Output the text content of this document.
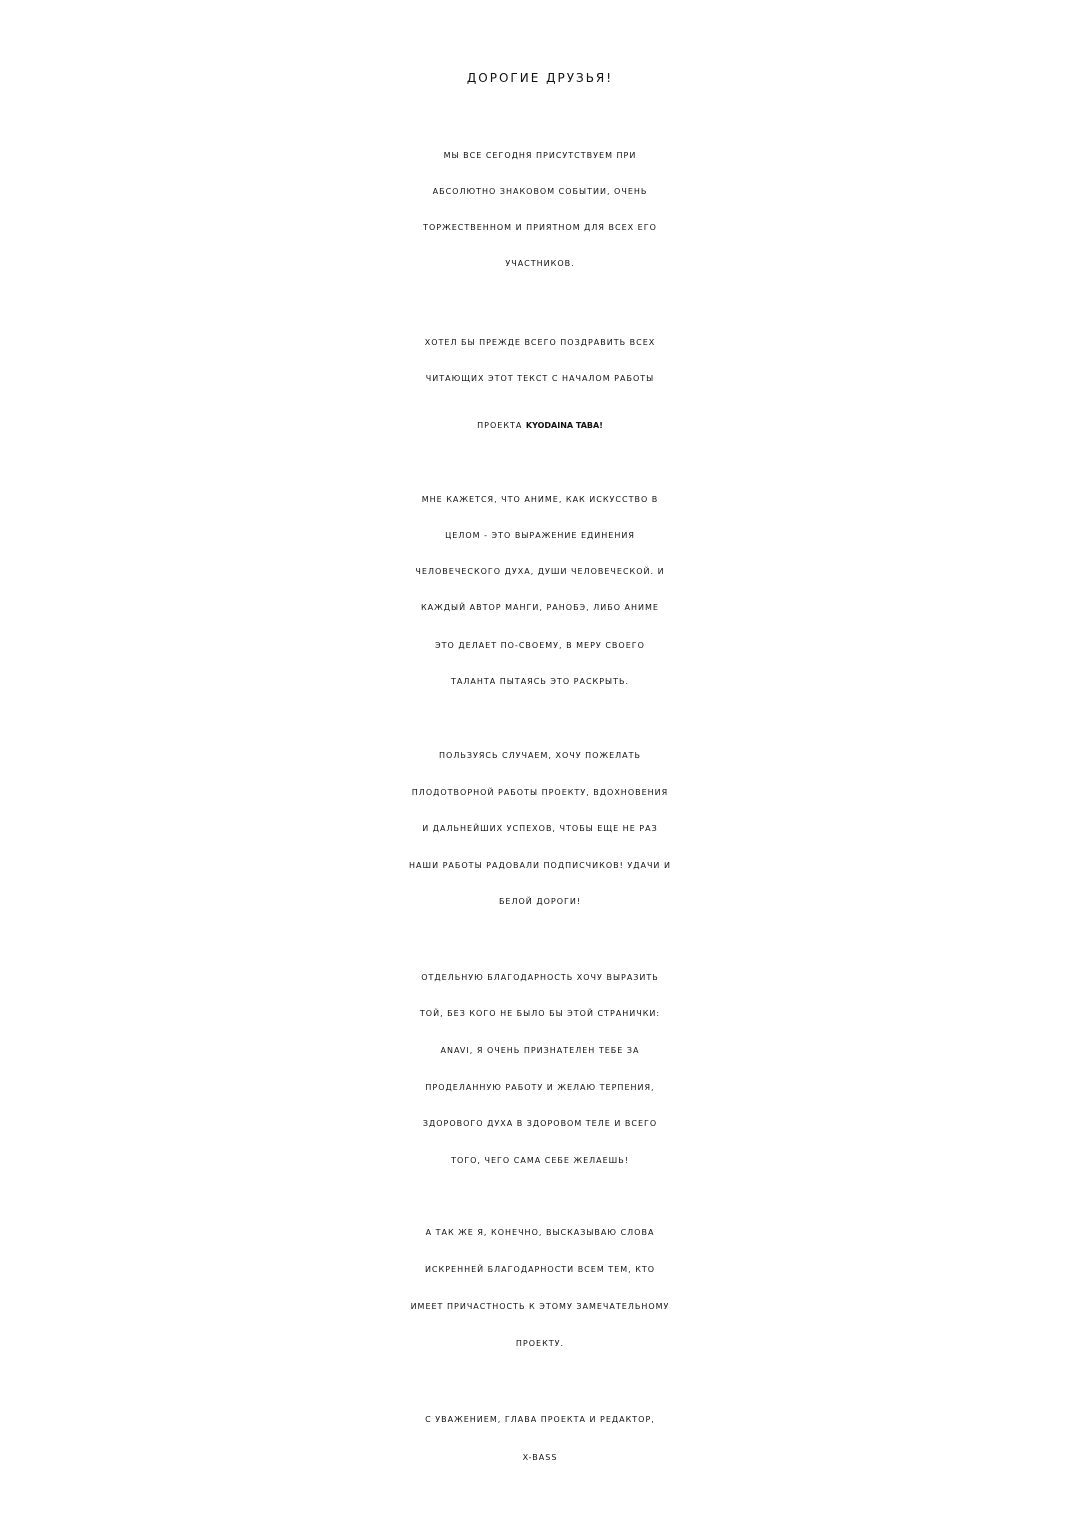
ДОРОГИЕ ДРУЗЬЯ!
МЫ ВСЕ СЕГОДНЯ ПРИСУТСТВУЕМ ПРИ
АБСОЛЮТНО ЗНАКОВОМ СОБЫТИИ, ОЧЕНЬ
ТОРЖЕСТВЕННОМ И ПРИЯТНОМ ДЛЯ ВСЕХ ЕГО
УЧАСТНИКОВ.
ХОТЕЛ БЫ ПРЕЖДЕ ВСЕГО ПОЗДРАВИТЬ ВСЕХ
ЧИТАЮЩИХ ЭТОТ ТЕКСТ С НАЧАЛОМ РАБОТЫ
ПРОЕКТА KYODAINA TABA!
МНЕ КАЖЕТСЯ, ЧТО АНИМЕ, КАК ИСКУССТВО В
ЦЕЛОМ - ЭТО ВЫРАЖЕНИЕ ЕДИНЕНИЯ
ЧЕЛОВЕЧЕСКОГО ДУХА, ДУШИ ЧЕЛОВЕЧЕСКОЙ. И
КАЖДЫЙ АВТОР МАНГИ, РАНОБЭ, ЛИБО АНИМЕ
ЭТО ДЕЛАЕТ ПО-СВОЕМУ, В МЕРУ СВОЕГО
ТАЛАНТА ПЫТАЯСЬ ЭТО РАСКРЫТЬ.
ПОЛЬЗУЯСЬ СЛУЧАЕМ, ХОЧУ ПОЖЕЛАТЬ
ПЛОДОТВОРНОЙ РАБОТЫ ПРОЕКТУ, ВДОХНОВЕНИЯ
И ДАЛЬНЕЙШИХ УСПЕХОВ, ЧТОБЫ ЕЩЕ НЕ РАЗ
НАШИ РАБОТЫ РАДОВАЛИ ПОДПИСЧИКОВ! УДАЧИ И
БЕЛОЙ ДОРОГИ!
ОТДЕЛЬНУЮ БЛАГОДАРНОСТЬ ХОЧУ ВЫРАЗИТЬ
ТОЙ, БЕЗ КОГО НЕ БЫЛО БЫ ЭТОЙ СТРАНИЧКИ:
ANAVI, Я ОЧЕНЬ ПРИЗНАТЕЛЕН ТЕБЕ ЗА
ПРОДЕЛАННУЮ РАБОТУ И ЖЕЛАЮ ТЕРПЕНИЯ,
ЗДОРОВОГО ДУХА В ЗДОРОВОМ ТЕЛЕ И ВСЕГО
ТОГО, ЧЕГО САМА СЕБЕ ЖЕЛАЕШЬ!
А ТАК ЖЕ Я, КОНЕЧНО, ВЫСКАЗЫВАЮ СЛОВА
ИСКРЕННЕЙ БЛАГОДАРНОСТИ ВСЕМ ТЕМ, КТО
ИМЕЕТ ПРИЧАСТНОСТЬ К ЭТОМУ ЗАМЕЧАТЕЛЬНОМУ
ПРОЕКТУ.
С УВАЖЕНИЕМ, ГЛАВА ПРОЕКТА И РЕДАКТОР,
X-BASS
